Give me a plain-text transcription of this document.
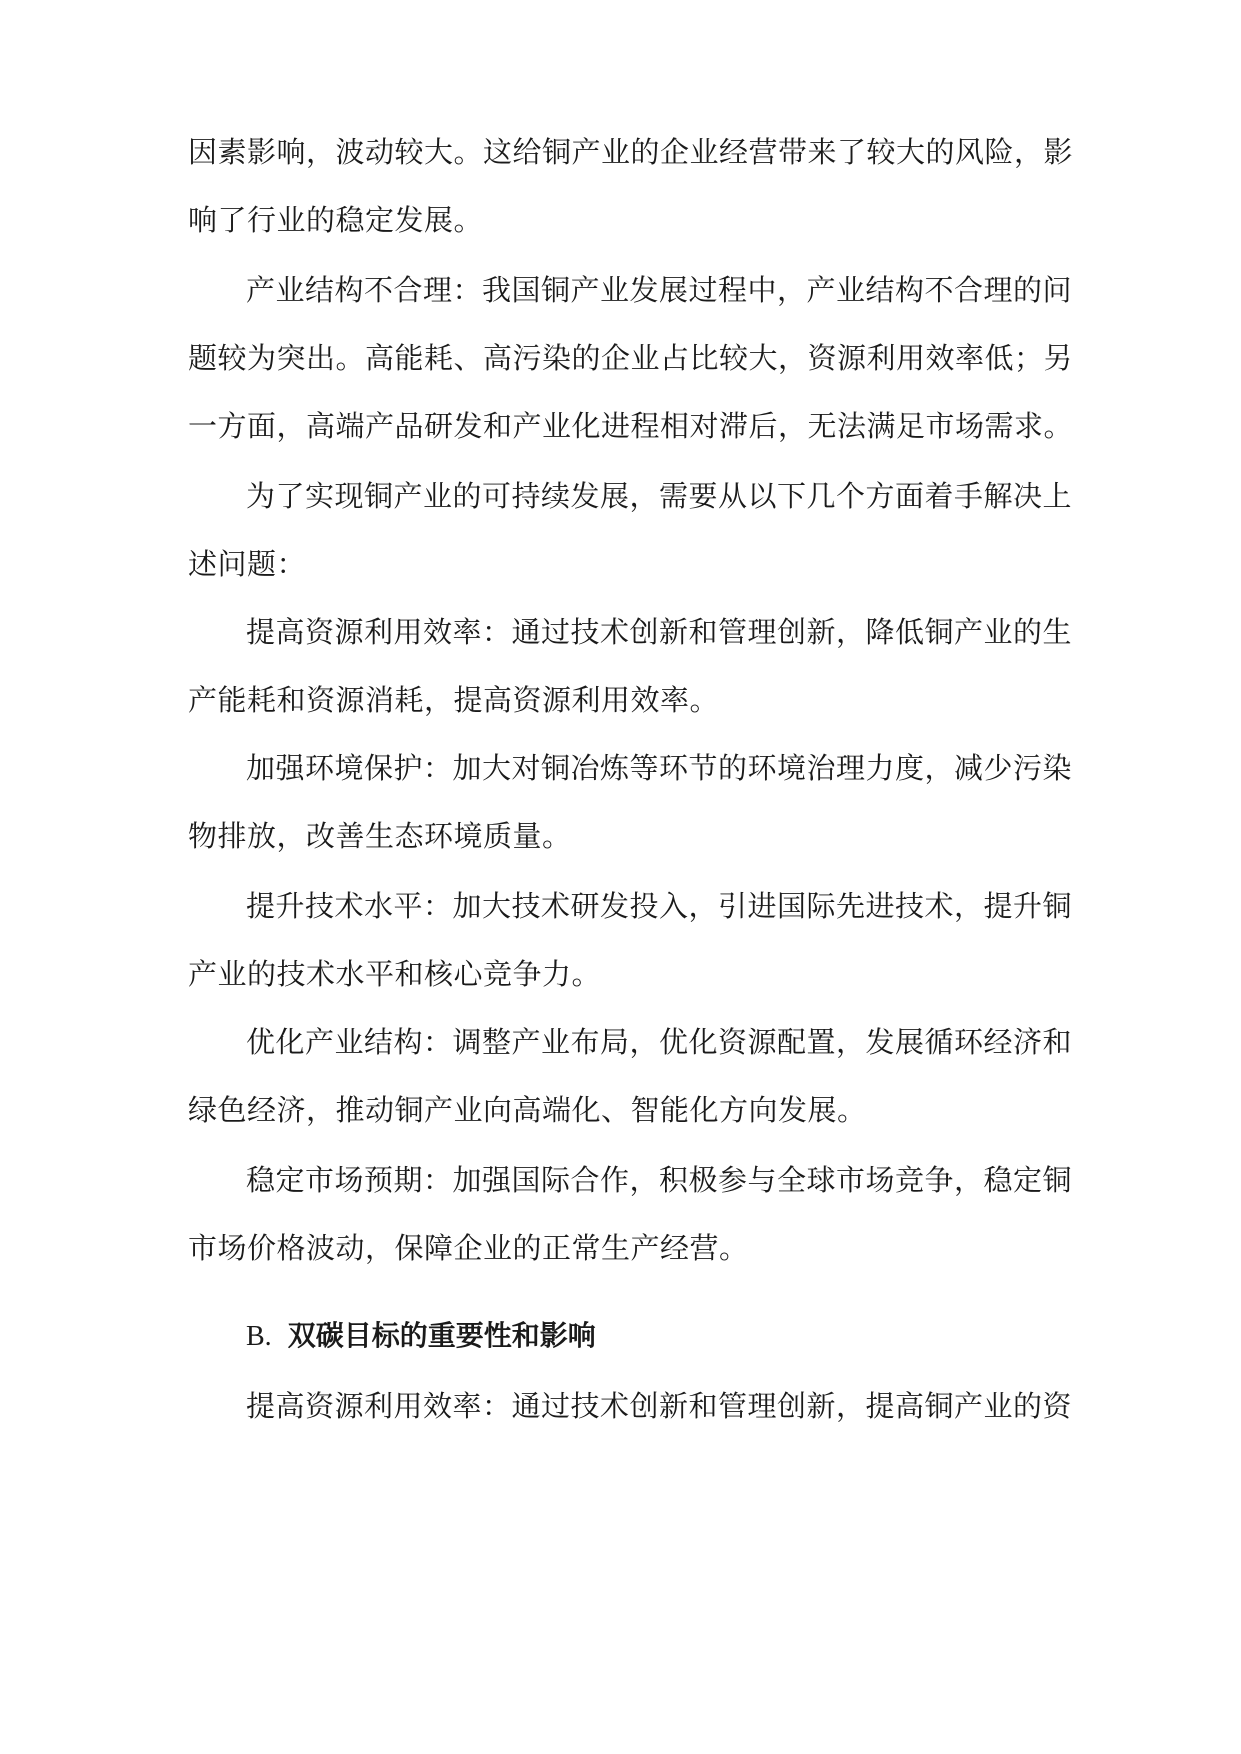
因素影响，波动较大。这给铜产业的企业经营带来了较大的风险，影
响了行业的稳定发展。
产业结构不合理：我国铜产业发展过程中，产业结构不合理的问
题较为突出。高能耗、高污染的企业占比较大，资源利用效率低；另
一方面，高端产品研发和产业化进程相对滞后，无法满足市场需求。
为了实现铜产业的可持续发展，需要从以下几个方面着手解决上
述问题：
提高资源利用效率：通过技术创新和管理创新，降低铜产业的生
产能耗和资源消耗，提高资源利用效率。
加强环境保护：加大对铜冶炼等环节的环境治理力度，减少污染
物排放，改善生态环境质量。
提升技术水平：加大技术研发投入，引进国际先进技术，提升铜
产业的技术水平和核心竞争力。
优化产业结构：调整产业布局，优化资源配置，发展循环经济和
绿色经济，推动铜产业向高端化、智能化方向发展。
稳定市场预期：加强国际合作，积极参与全球市场竞争，稳定铜
市场价格波动，保障企业的正常生产经营。
B. 双碳目标的重要性和影响
提高资源利用效率：通过技术创新和管理创新，提高铜产业的资
